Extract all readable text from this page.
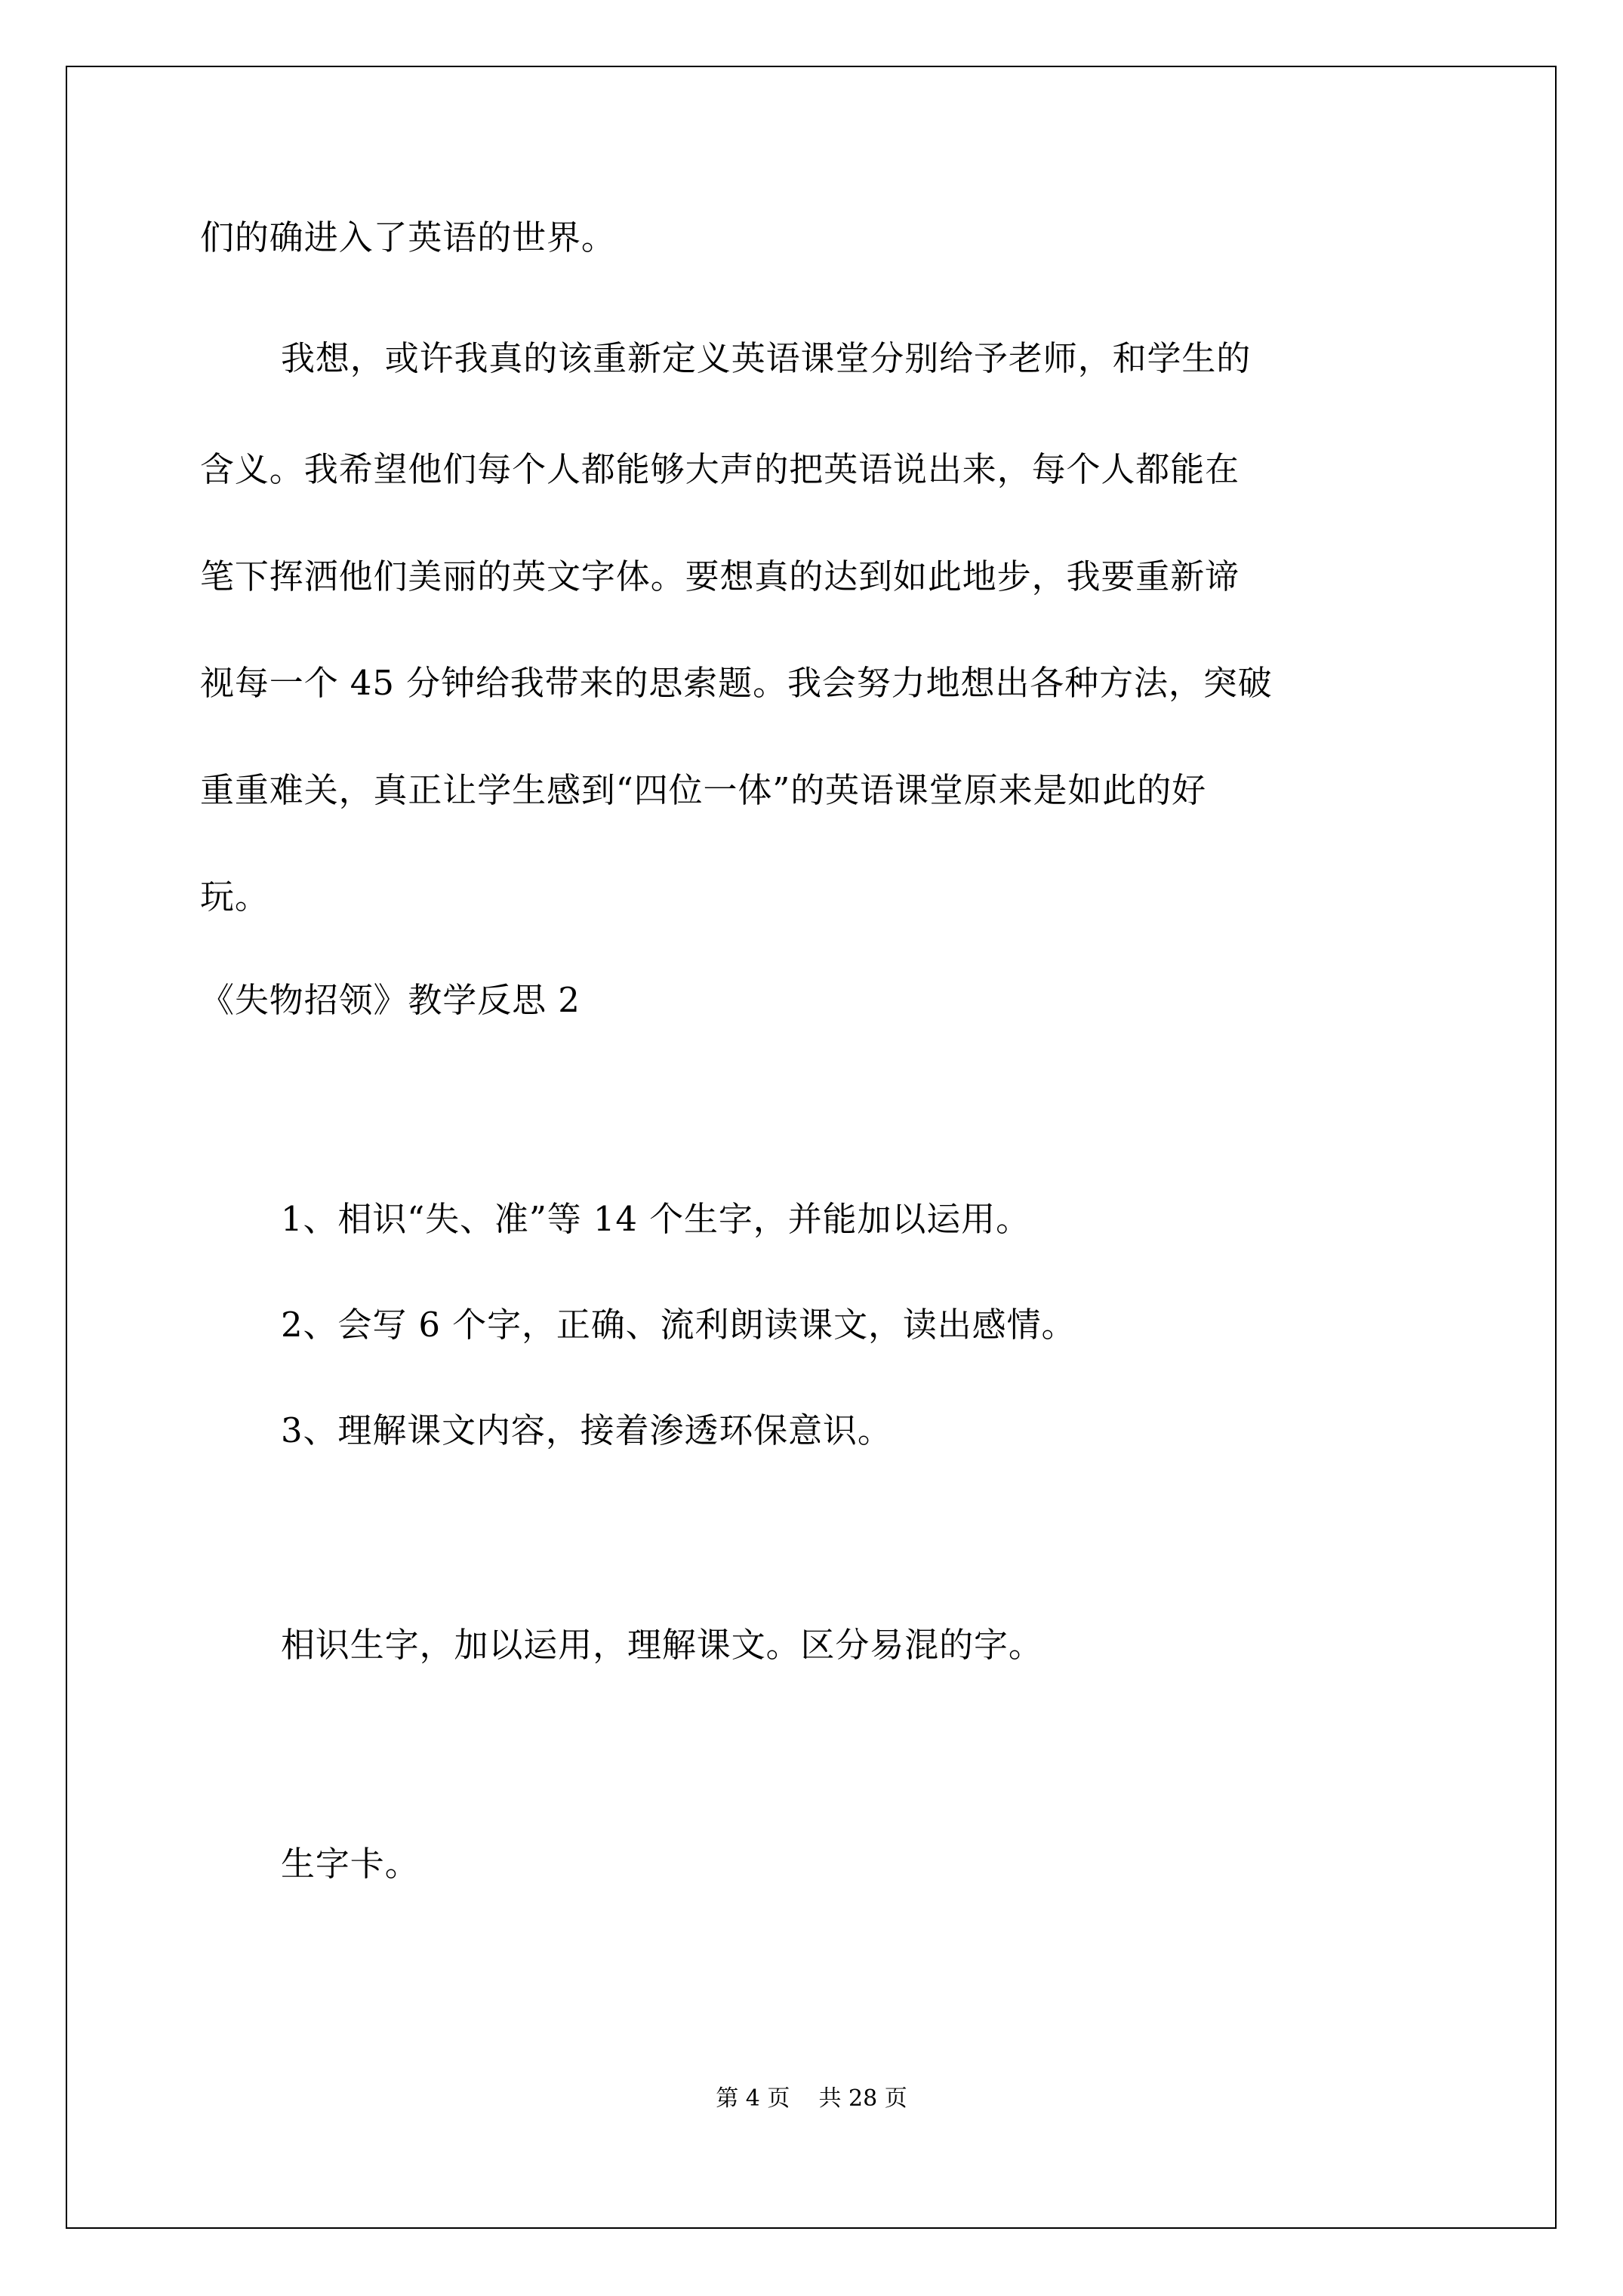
们的确进入了英语的世界。
我想，或许我真的该重新定义英语课堂分别给予老师，和学生的
含义。我希望他们每个人都能够大声的把英语说出来，每个人都能在
笔下挥洒他们美丽的英文字体。要想真的达到如此地步，我要重新谛
视每一个 45 分钟给我带来的思索题。我会努力地想出各种方法，突破
重重难关，真正让学生感到“四位一体”的英语课堂原来是如此的好
玩。
《失物招领》教学反思 2
1、相识“失、准”等 14 个生字，并能加以运用。
2、会写 6 个字，正确、流利朗读课文，读出感情。
3、理解课文内容，接着渗透环保意识。
相识生字，加以运用，理解课文。区分易混的字。
生字卡。
第 4 页    共 28 页
